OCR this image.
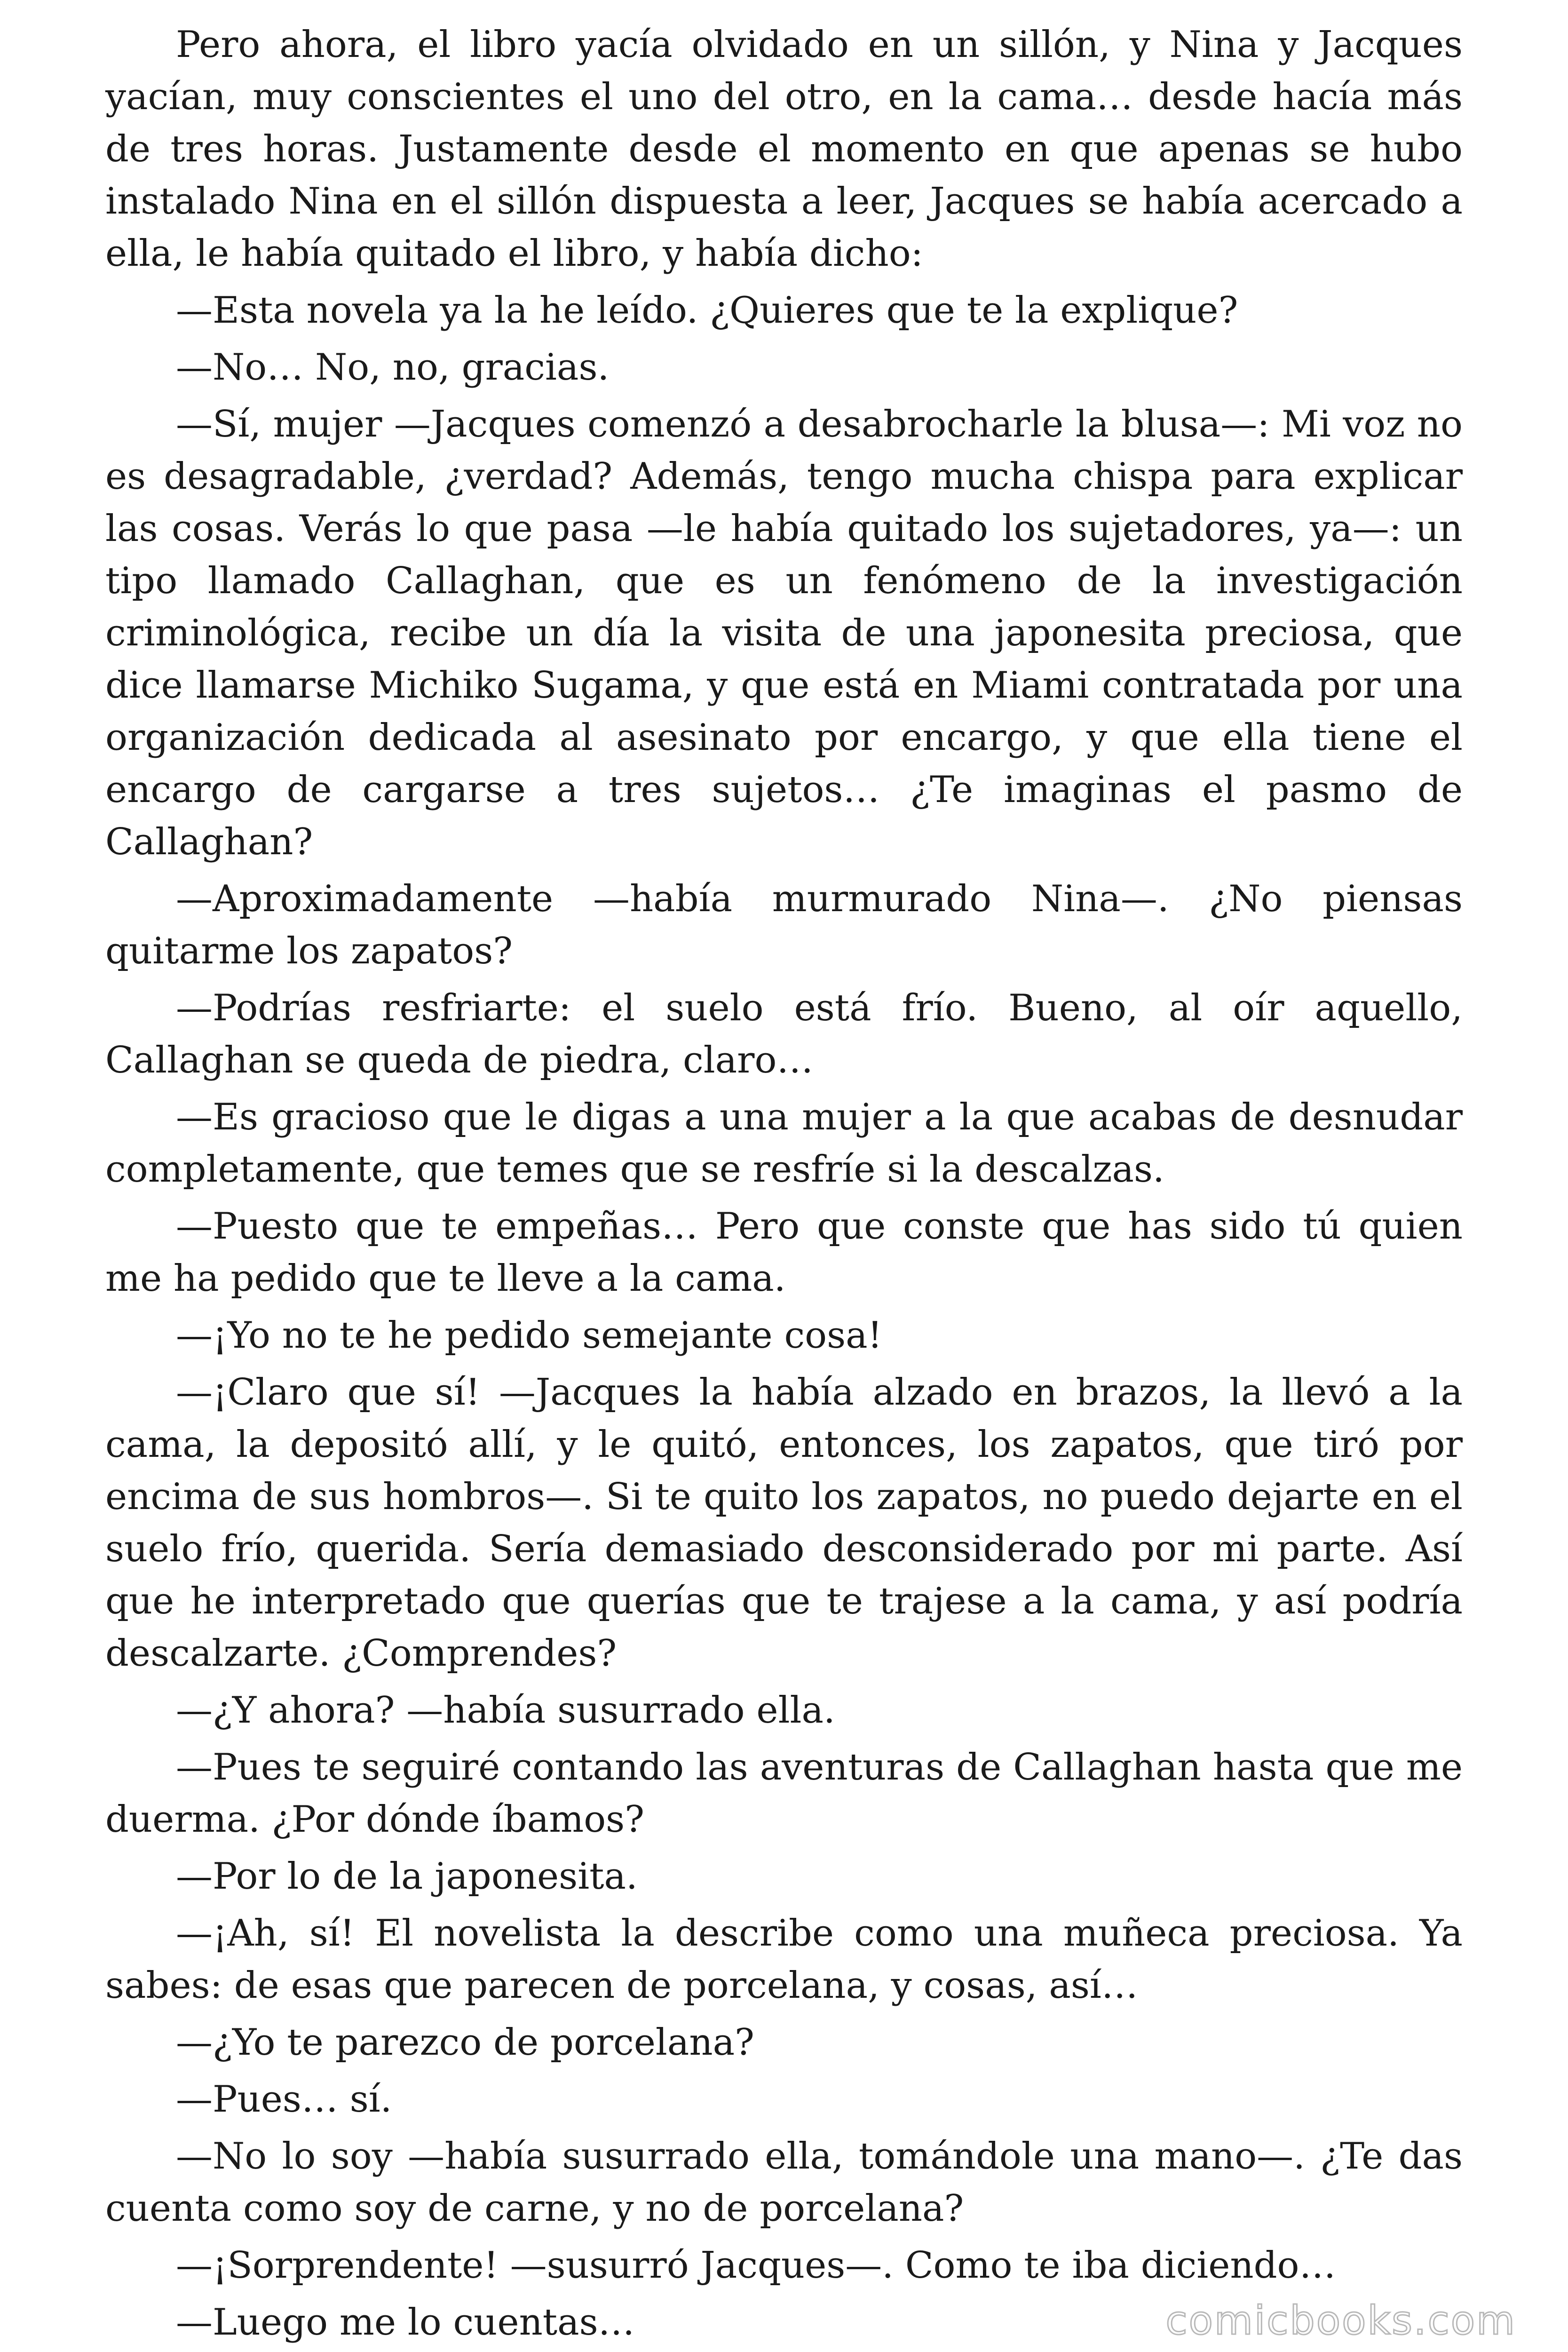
Pero ahora, el libro yacía olvidado en un sillón, y Nina y Jacques yacían, muy conscientes el uno del otro, en la cama… desde hacía más de tres horas. Justamente desde el momento en que apenas se hubo instalado Nina en el sillón dispuesta a leer, Jacques se había acercado a ella, le había quitado el libro, y había dicho:

—Esta novela ya la he leído. ¿Quieres que te la explique?

—No… No, no, gracias.

—Sí, mujer —Jacques comenzó a desabrocharle la blusa—: Mi voz no es desagradable, ¿verdad? Además, tengo mucha chispa para explicar las cosas. Verás lo que pasa —le había quitado los sujetadores, ya—: un tipo llamado Callaghan, que es un fenómeno de la investigación criminológica, recibe un día la visita de una japonesita preciosa, que dice llamarse Michiko Sugama, y que está en Miami contratada por una organización dedicada al asesinato por encargo, y que ella tiene el encargo de cargarse a tres sujetos… ¿Te imaginas el pasmo de Callaghan?

—Aproximadamente —había murmurado Nina—. ¿No piensas quitarme los zapatos?

—Podrías resfriarte: el suelo está frío. Bueno, al oír aquello, Callaghan se queda de piedra, claro…

—Es gracioso que le digas a una mujer a la que acabas de desnudar completamente, que temes que se resfríe si la descalzas.

—Puesto que te empeñas… Pero que conste que has sido tú quien me ha pedido que te lleve a la cama.

—¡Yo no te he pedido semejante cosa!

—¡Claro que sí! —Jacques la había alzado en brazos, la llevó a la cama, la depositó allí, y le quitó, entonces, los zapatos, que tiró por encima de sus hombros—. Si te quito los zapatos, no puedo dejarte en el suelo frío, querida. Sería demasiado desconsiderado por mi parte. Así que he interpretado que querías que te trajese a la cama, y así podría descalzarte. ¿Comprendes?

—¿Y ahora? —había susurrado ella.

—Pues te seguiré contando las aventuras de Callaghan hasta que me duerma. ¿Por dónde íbamos?

—Por lo de la japonesita.

—¡Ah, sí! El novelista la describe como una muñeca preciosa. Ya sabes: de esas que parecen de porcelana, y cosas, así…

—¿Yo te parezco de porcelana?

—Pues… sí.

—No lo soy —había susurrado ella, tomándole una mano—. ¿Te das cuenta como soy de carne, y no de porcelana?

—¡Sorprendente! —susurró Jacques—. Como te iba diciendo…

—Luego me lo cuentas…	comicbooks.com
